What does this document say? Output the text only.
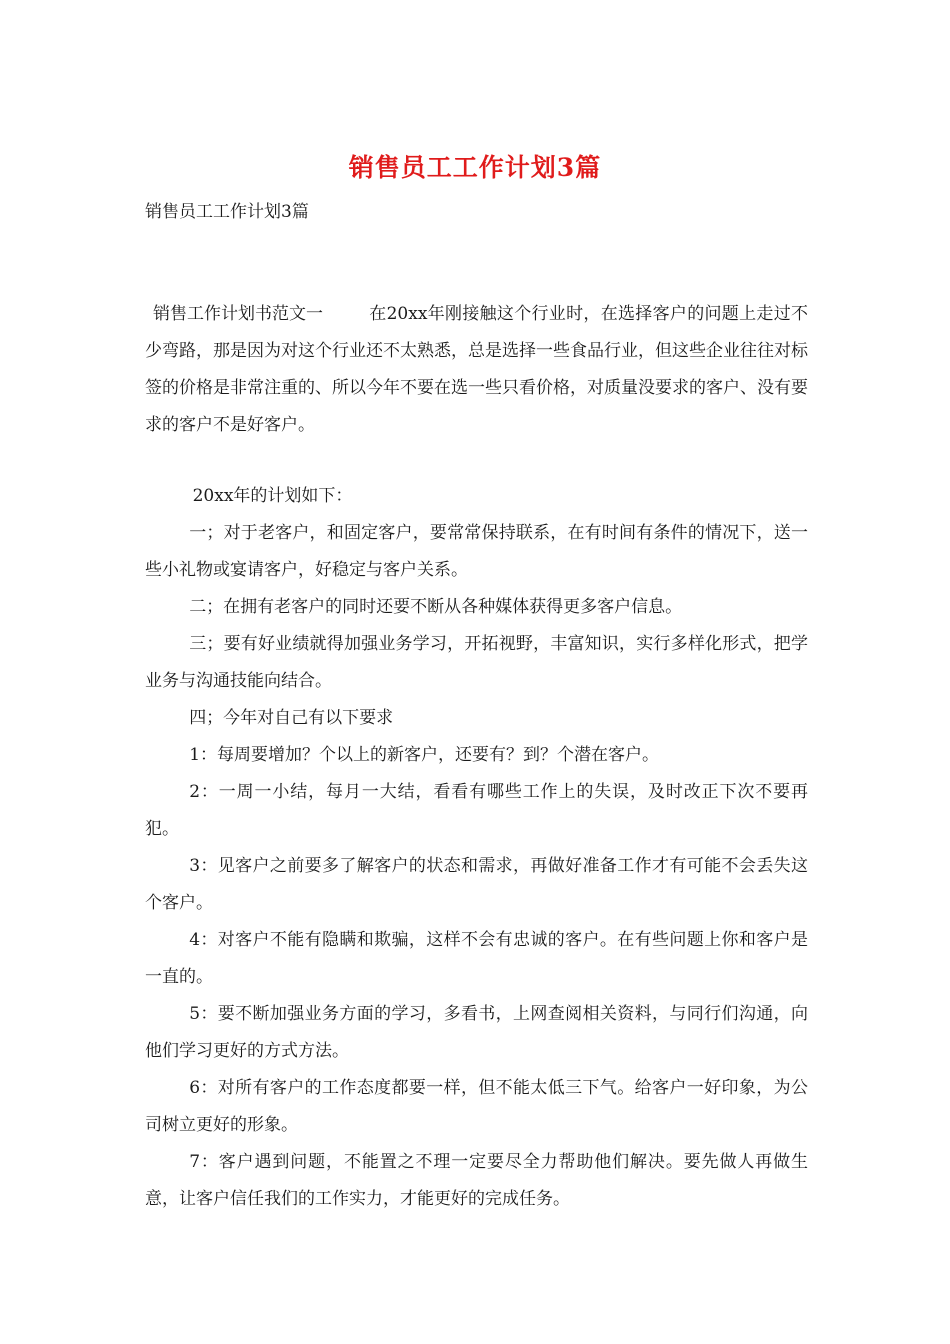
销售员工工作计划3篇
销售员工工作计划3篇
销售工作计划书范文一	在20xx年刚接触这个行业时，在选择客户的问题上走过不少弯路，那是因为对这个行业还不太熟悉，总是选择一些食品行业，但这些企业往往对标签的价格是非常注重的、所以今年不要在选一些只看价格，对质量没要求的客户、没有要求的客户不是好客户。

20xx年的计划如下：

一；对于老客户，和固定客户，要常常保持联系，在有时间有条件的情况下，送一些小礼物或宴请客户，好稳定与客户关系。

二；在拥有老客户的同时还要不断从各种媒体获得更多客户信息。

三；要有好业绩就得加强业务学习，开拓视野，丰富知识，实行多样化形式，把学业务与沟通技能向结合。

四；今年对自己有以下要求

1：每周要增加？个以上的新客户，还要有？到？个潜在客户。

2：一周一小结，每月一大结，看看有哪些工作上的失误，及时改正下次不要再犯。

3：见客户之前要多了解客户的状态和需求，再做好准备工作才有可能不会丢失这个客户。

4：对客户不能有隐瞒和欺骗，这样不会有忠诚的客户。在有些问题上你和客户是一直的。

5：要不断加强业务方面的学习，多看书，上网查阅相关资料，与同行们沟通，向他们学习更好的方式方法。

6：对所有客户的工作态度都要一样，但不能太低三下气。给客户一好印象，为公司树立更好的形象。

7：客户遇到问题，不能置之不理一定要尽全力帮助他们解决。要先做人再做生意，让客户信任我们的工作实力，才能更好的完成任务。
